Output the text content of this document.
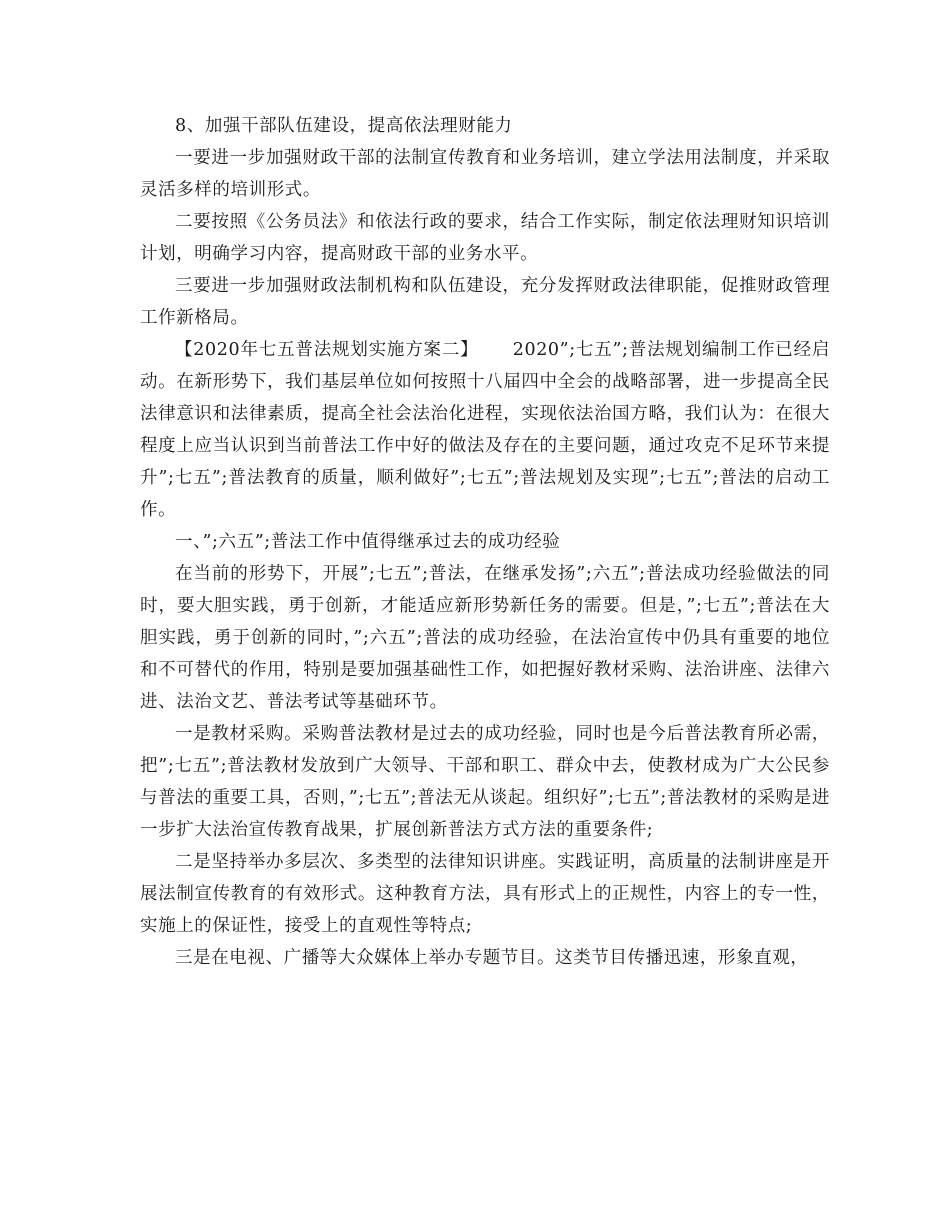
8、加强干部队伍建设，提高依法理财能力

一要进一步加强财政干部的法制宣传教育和业务培训，建立学法用法制度，并采取灵活多样的培训形式。

二要按照《公务员法》和依法行政的要求，结合工作实际，制定依法理财知识培训计划，明确学习内容，提高财政干部的业务水平。

三要进一步加强财政法制机构和队伍建设，充分发挥财政法律职能，促推财政管理工作新格局。

【2020年七五普法规划实施方案二】　　 2020”;七五”;普法规划编制工作已经启动。在新形势下，我们基层单位如何按照十八届四中全会的战略部署，进一步提高全民法律意识和法律素质，提高全社会法治化进程，实现依法治国方略，我们认为：在很大程度上应当认识到当前普法工作中好的做法及存在的主要问题，通过攻克不足环节来提升”;七五”;普法教育的质量，顺利做好”;七五”;普法规划及实现”;七五”;普法的启动工作。

一、”;六五”;普法工作中值得继承过去的成功经验

在当前的形势下，开展”;七五”;普法，在继承发扬”;六五”;普法成功经验做法的同时，要大胆实践，勇于创新，才能适应新形势新任务的需要。但是，”;七五”;普法在大胆实践，勇于创新的同时，”;六五”;普法的成功经验，在法治宣传中仍具有重要的地位和不可替代的作用，特别是要加强基础性工作，如把握好教材采购、法治讲座、法律六进、法治文艺、普法考试等基础环节。

一是教材采购。采购普法教材是过去的成功经验，同时也是今后普法教育所必需，把”;七五”;普法教材发放到广大领导、干部和职工、群众中去，使教材成为广大公民参与普法的重要工具，否则，”;七五”;普法无从谈起。组织好”;七五”;普法教材的采购是进一步扩大法治宣传教育战果，扩展创新普法方式方法的重要条件;

二是坚持举办多层次、多类型的法律知识讲座。实践证明，高质量的法制讲座是开展法制宣传教育的有效形式。这种教育方法，具有形式上的正规性，内容上的专一性，实施上的保证性，接受上的直观性等特点;

三是在电视、广播等大众媒体上举办专题节目。这类节目传播迅速，形象直观，
